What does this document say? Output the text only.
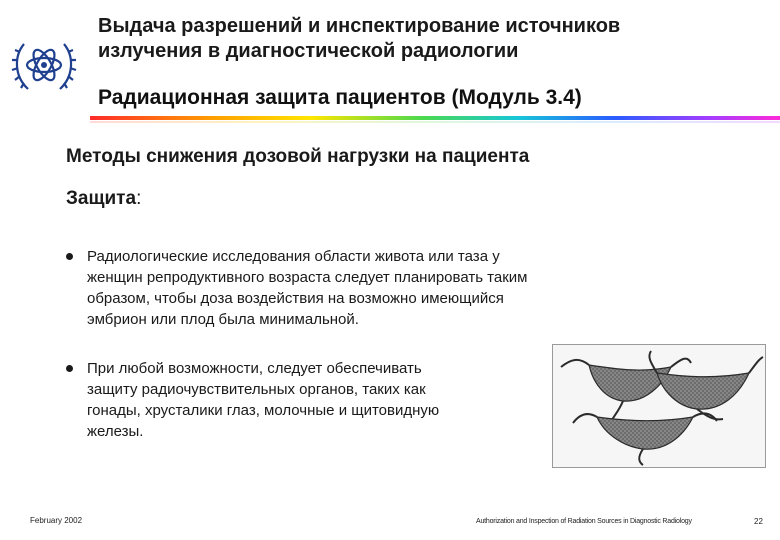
Выдача разрешений и инспектирование источников
излучения в диагностической радиологии
Радиационная защита пациентов (Модуль 3.4)
Методы снижения дозовой нагрузки на пациента
Защита:
Радиологические исследования области живота или таза у
женщин репродуктивного возраста следует планировать таким
образом, чтобы доза воздействия на возможно имеющийся
эмбрион или плод была минимальной.
При любой возможности, следует обеспечивать
защиту радиочувствительных органов, таких как
гонады, хрусталики глаз, молочные и щитовидную
железы.
February 2002	Authorization and Inspection of Radiation Sources in Diagnostic Radiology	22
